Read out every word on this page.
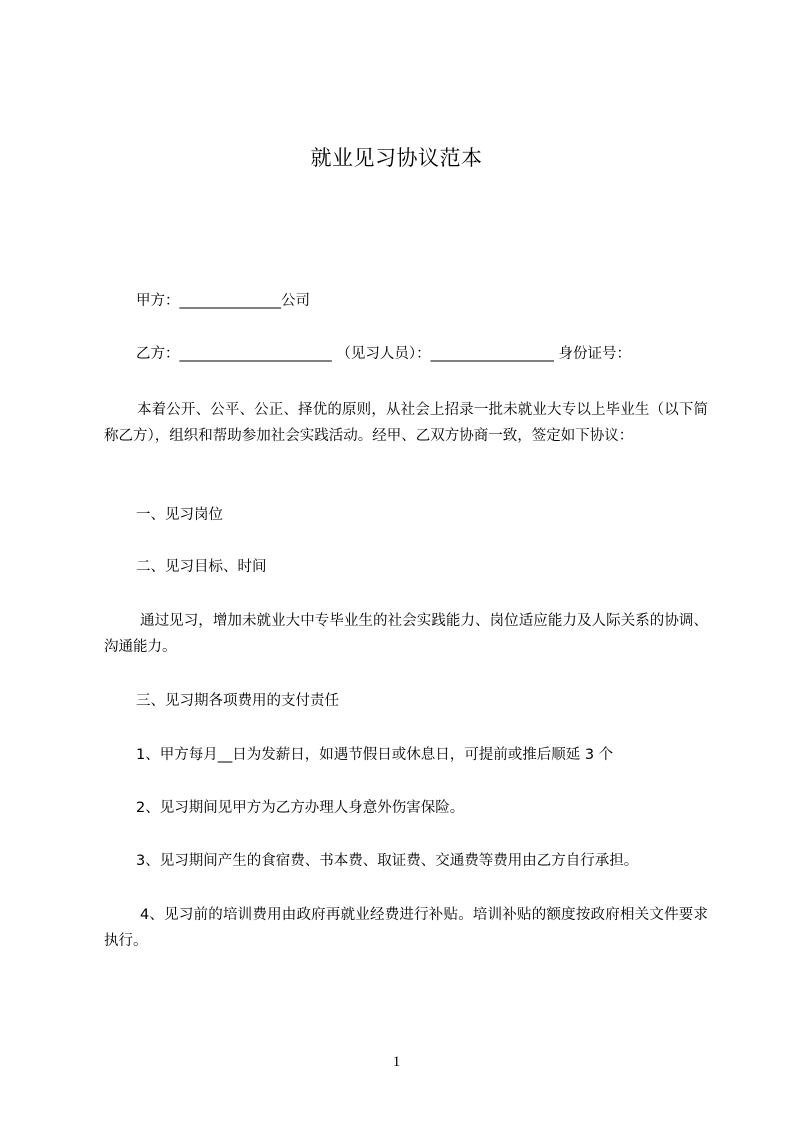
就业见习协议范本
甲方：______________公司
乙方：_____________________ （见习人员）：_________________ 身份证号：
本着公开、公平、公正、择优的原则，从社会上招录一批未就业大专以上毕业生（以下简称乙方），组织和帮助参加社会实践活动。经甲、乙双方协商一致，签定如下协议：
一、见习岗位
二、见习目标、时间
通过见习，增加未就业大中专毕业生的社会实践能力、岗位适应能力及人际关系的协调、沟通能力。
三、见习期各项费用的支付责任
1、甲方每月__日为发薪日，如遇节假日或休息日，可提前或推后顺延 3 个
2、见习期间见甲方为乙方办理人身意外伤害保险。
3、见习期间产生的食宿费、书本费、取证费、交通费等费用由乙方自行承担。
4、见习前的培训费用由政府再就业经费进行补贴。培训补贴的额度按政府相关文件要求执行。
1
